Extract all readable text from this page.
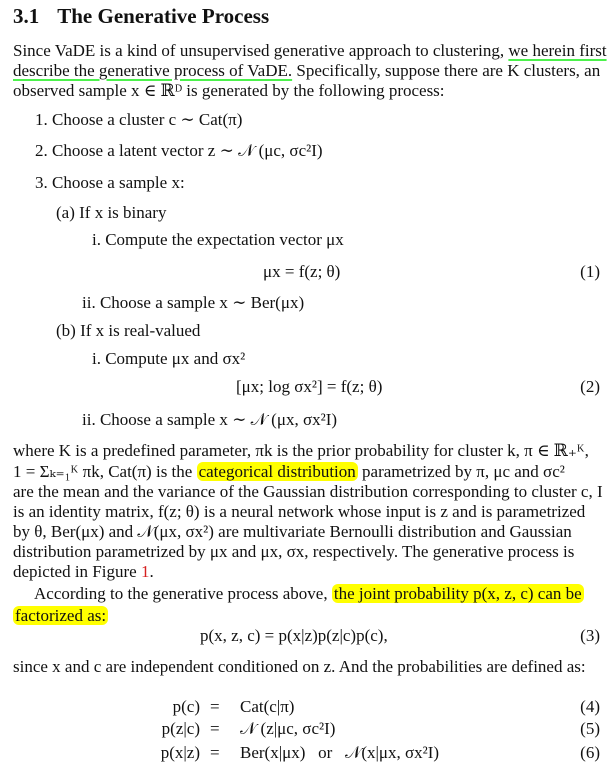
3.1 The Generative Process
Since VaDE is a kind of unsupervised generative approach to clustering, we herein first
describe the generative process of VaDE. Specifically, suppose there are K clusters, an
observed sample x ∈ ℝᴰ is generated by the following process:
1. Choose a cluster c ∼ Cat(π)
2. Choose a latent vector z ∼ 𝒩 (μc, σc²I)
3. Choose a sample x:
(a) If x is binary
i. Compute the expectation vector μx
μx = f(z; θ)	(1)
ii. Choose a sample x ∼ Ber(μx)
(b) If x is real-valued
i. Compute μx and σx²
[μx; log σx²] = f(z; θ)	(2)
ii. Choose a sample x ∼ 𝒩 (μx, σx²I)
where K is a predefined parameter, πk is the prior probability for cluster k, π ∈ ℝ₊ᴷ,
1 = Σₖ₌₁ᴷ πk, Cat(π) is the categorical distribution parametrized by π, μc and σc²
are the mean and the variance of the Gaussian distribution corresponding to cluster c, I
is an identity matrix, f(z; θ) is a neural network whose input is z and is parametrized
by θ, Ber(μx) and 𝒩(μx, σx²) are multivariate Bernoulli distribution and Gaussian
distribution parametrized by μx and μx, σx, respectively. The generative process is
depicted in Figure 1.
According to the generative process above, the joint probability p(x, z, c) can be
factorized as:
p(x, z, c) = p(x|z)p(z|c)p(c),	(3)
since x and c are independent conditioned on z. And the probabilities are defined as:
p(c) = Cat(c|π)	(4)
p(z|c) = 𝒩 (z|μc, σc²I)	(5)
p(x|z) = Ber(x|μx)   or   𝒩(x|μx, σx²I)	(6)
